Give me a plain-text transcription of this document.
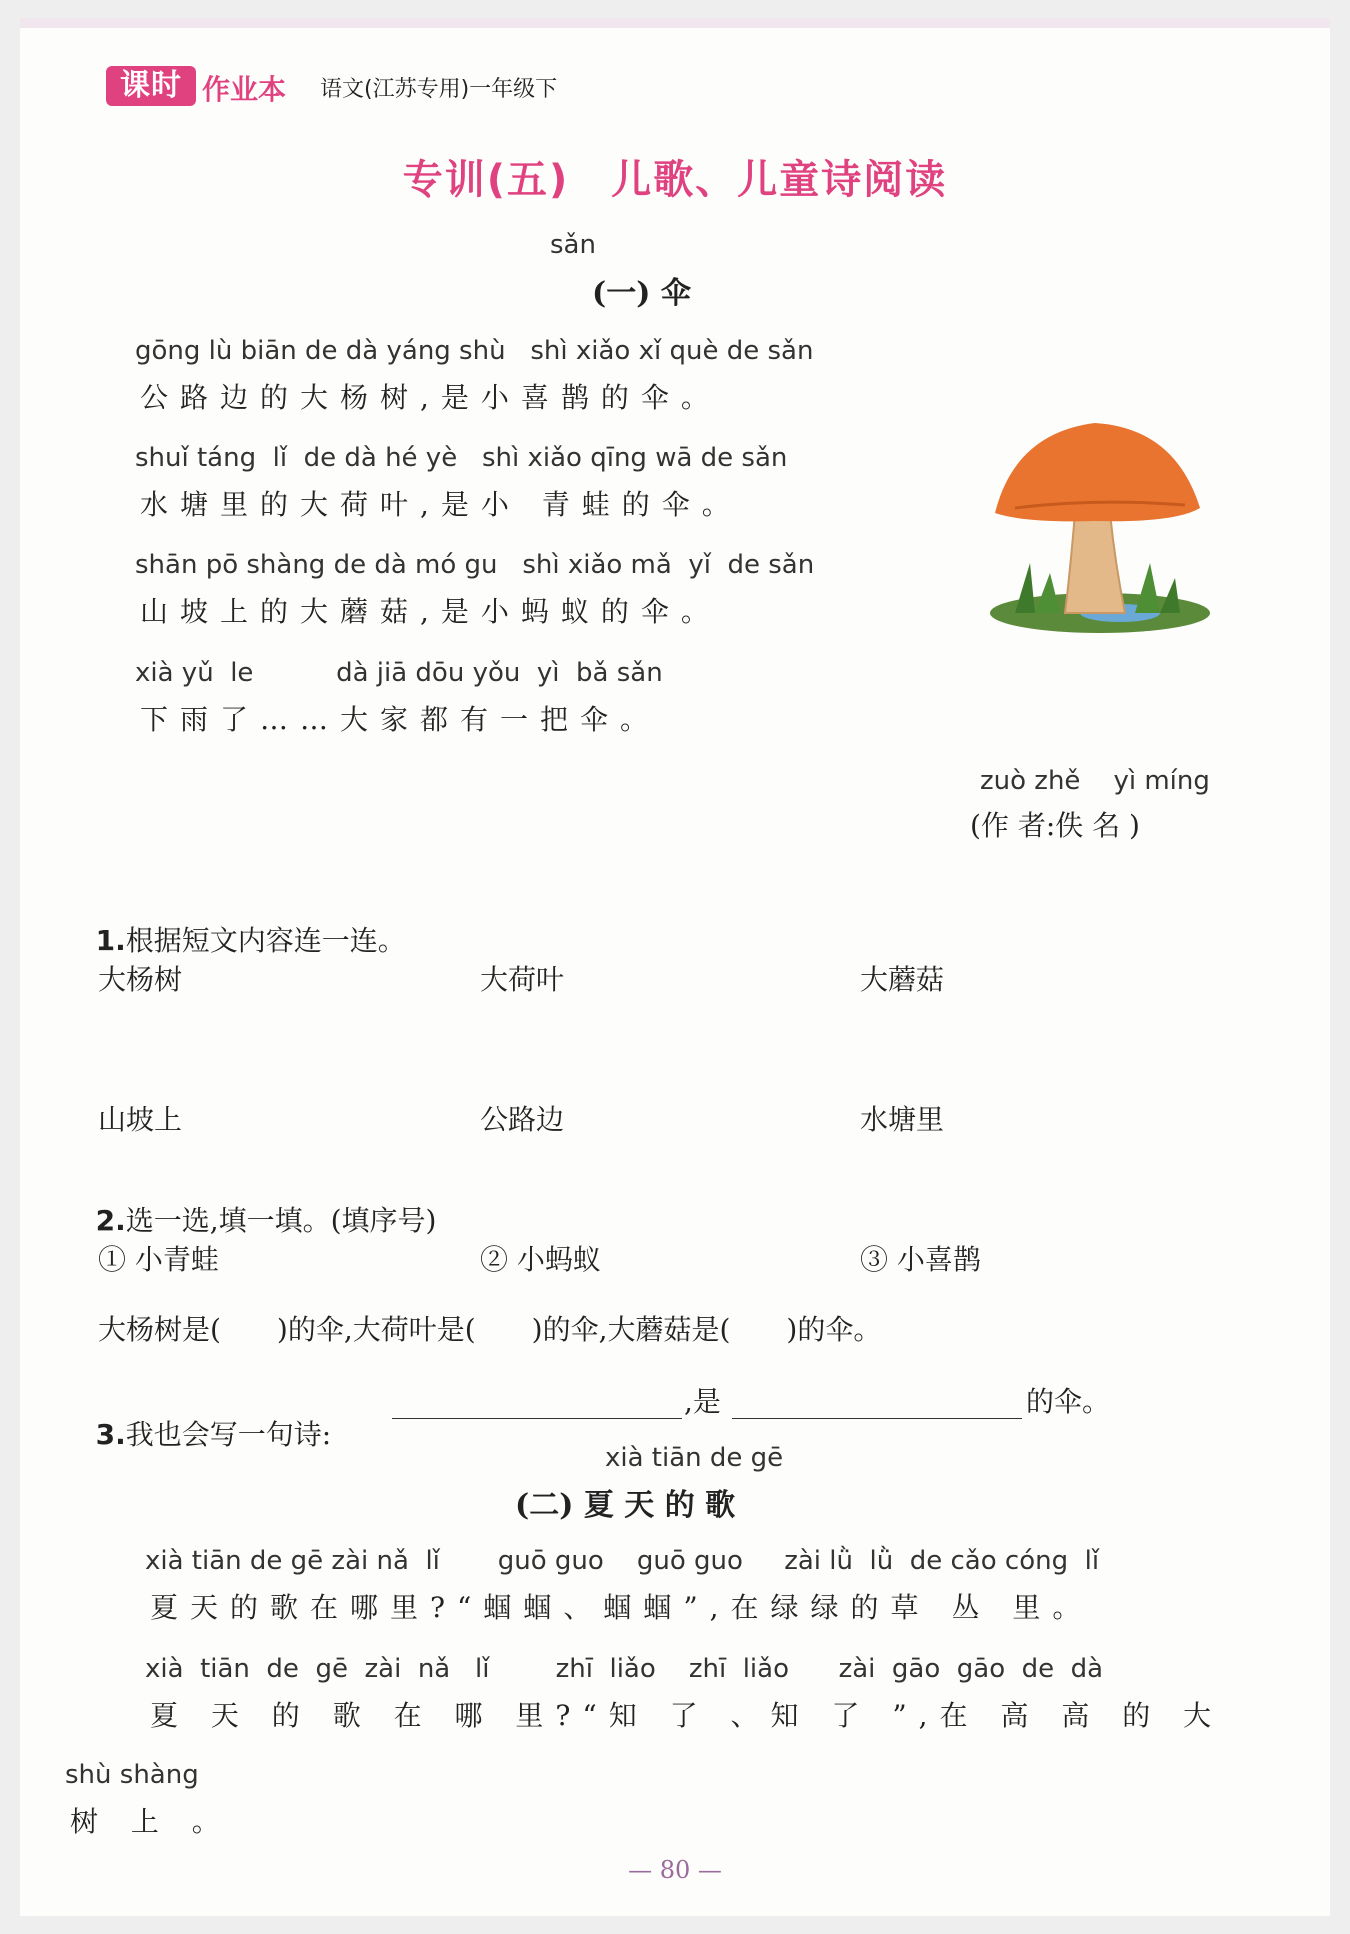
课时 作业本 语文(江苏专用)一年级下
专训(五)　儿歌、儿童诗阅读
sǎn
(一) 伞
gōng lù biān de dà yáng shù   shì xiǎo xǐ què de sǎn
公路边的大杨树,是小喜鹊的伞。
shuǐ táng  lǐ  de dà hé yè   shì xiǎo qīng wā de sǎn
水塘里的大荷叶,是小 青蛙的伞。
shān pō shàng de dà mó gu   shì xiǎo mǎ  yǐ  de sǎn
山坡上的大蘑菇,是小蚂蚁的伞。
xià yǔ  le          dà jiā dōu yǒu  yì  bǎ sǎn
下雨了……大家都有一把伞。
zuò zhě    yì míng
(作 者:佚 名 )

1.根据短文内容连一连。

大杨树	大荷叶	大蘑菇
山坡上	公路边	水塘里

2.选一选,填一填。(填序号)

① 小青蛙	② 小蚂蚁	③ 小喜鹊
大杨树是(　　)的伞,大荷叶是(　　)的伞,大蘑菇是(　　)的伞。

3.我也会写一句诗:

,是	的伞。
xià tiān de gē
(二) 夏 天 的 歌
xià tiān de gē zài nǎ  lǐ       guō guo    guō guo     zài lǜ  lǜ  de cǎo cóng  lǐ
夏天的歌在哪里?“蝈蝈、蝈蝈”,在绿绿的草 丛 里。
xià  tiān  de  gē  zài  nǎ   lǐ        zhī  liǎo    zhī  liǎo      zài  gāo  gāo  de  dà
夏 天 的 歌 在 哪 里?“知 了 、知 了 ”,在 高 高 的 大
shù shàng
树 上 。
— 80 —
